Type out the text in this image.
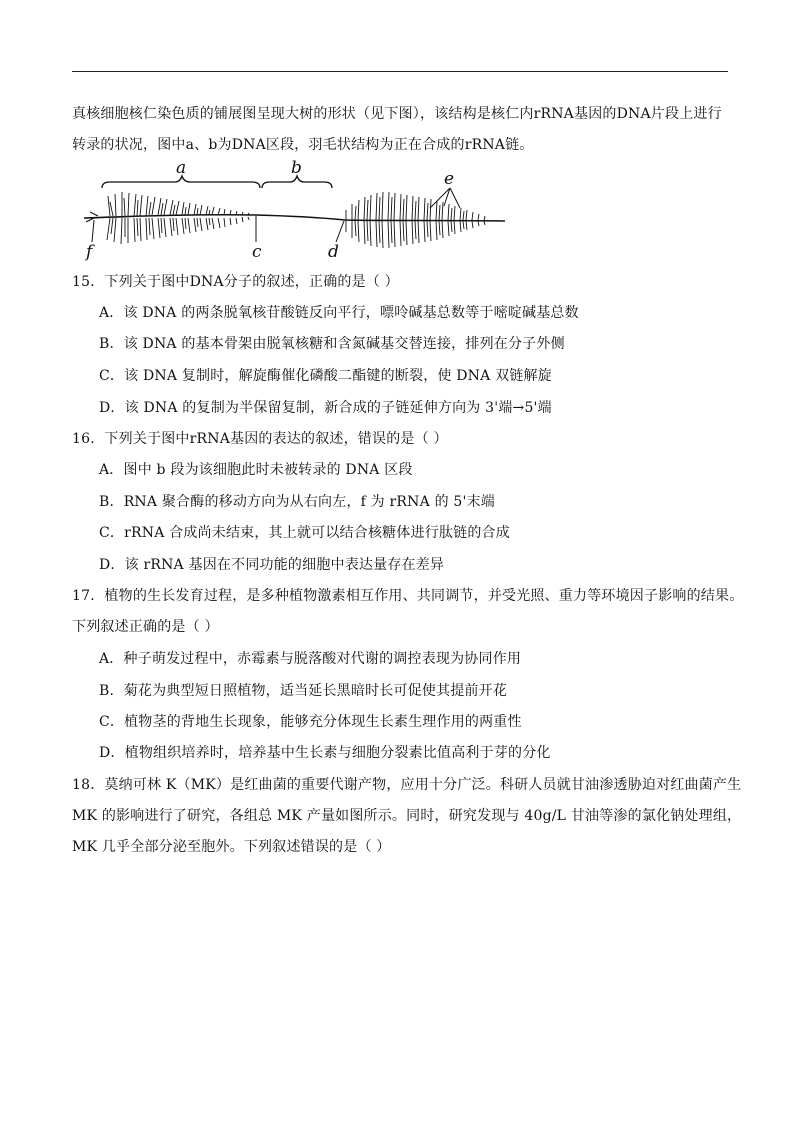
真核细胞核仁染色质的铺展图呈现大树的形状（见下图），该结构是核仁内rRNA基因的DNA片段上进行
转录的状况，图中a、b为DNA区段，羽毛状结构为正在合成的rRNA链。
a	b
e
c	d
f
15．下列关于图中DNA分子的叙述，正确的是（ ）
A．该 DNA 的两条脱氧核苷酸链反向平行，嘌呤碱基总数等于嘧啶碱基总数
B．该 DNA 的基本骨架由脱氧核糖和含氮碱基交替连接，排列在分子外侧
C．该 DNA 复制时，解旋酶催化磷酸二酯键的断裂，使 DNA 双链解旋
D．该 DNA 的复制为半保留复制，新合成的子链延伸方向为 3'端→5'端
16．下列关于图中rRNA基因的表达的叙述，错误的是（ ）
A．图中 b 段为该细胞此时未被转录的 DNA 区段
B．RNA 聚合酶的移动方向为从右向左，f 为 rRNA 的 5'末端
C．rRNA 合成尚未结束，其上就可以结合核糖体进行肽链的合成
D．该 rRNA 基因在不同功能的细胞中表达量存在差异
17．植物的生长发育过程，是多种植物激素相互作用、共同调节，并受光照、重力等环境因子影响的结果。
下列叙述正确的是（ ）
A．种子萌发过程中，赤霉素与脱落酸对代谢的调控表现为协同作用
B．菊花为典型短日照植物，适当延长黑暗时长可促使其提前开花
C．植物茎的背地生长现象，能够充分体现生长素生理作用的两重性
D．植物组织培养时，培养基中生长素与细胞分裂素比值高利于芽的分化
18．莫纳可林 K（MK）是红曲菌的重要代谢产物，应用十分广泛。科研人员就甘油渗透胁迫对红曲菌产生
MK 的影响进行了研究，各组总 MK 产量如图所示。同时，研究发现与 40g/L 甘油等渗的氯化钠处理组，
MK 几乎全部分泌至胞外。下列叙述错误的是（ ）
